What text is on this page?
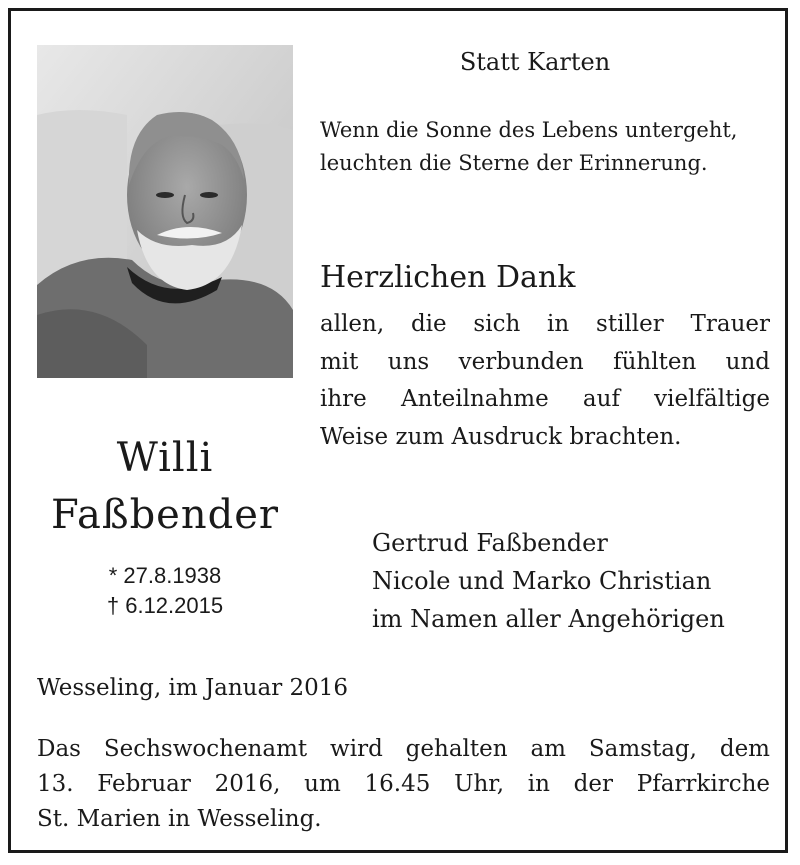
Statt Karten

Wenn die Sonne des Lebens untergeht,
leuchten die Sterne der Erinnerung.

Herzlichen Dank

allen, die sich in stiller Trauer
mit uns verbunden fühlten und
ihre Anteilnahme auf vielfältige
Weise zum Ausdruck brachten.

Willi

Faßbender

* 27.8.1938
† 6.12.2015

Gertrud Faßbender
Nicole und Marko Christian
im Namen aller Angehörigen

Wesseling, im Januar 2016

Das Sechswochenamt wird gehalten am Samstag, dem
13. Februar 2016, um 16.45 Uhr, in der Pfarrkirche
St. Marien in Wesseling.
